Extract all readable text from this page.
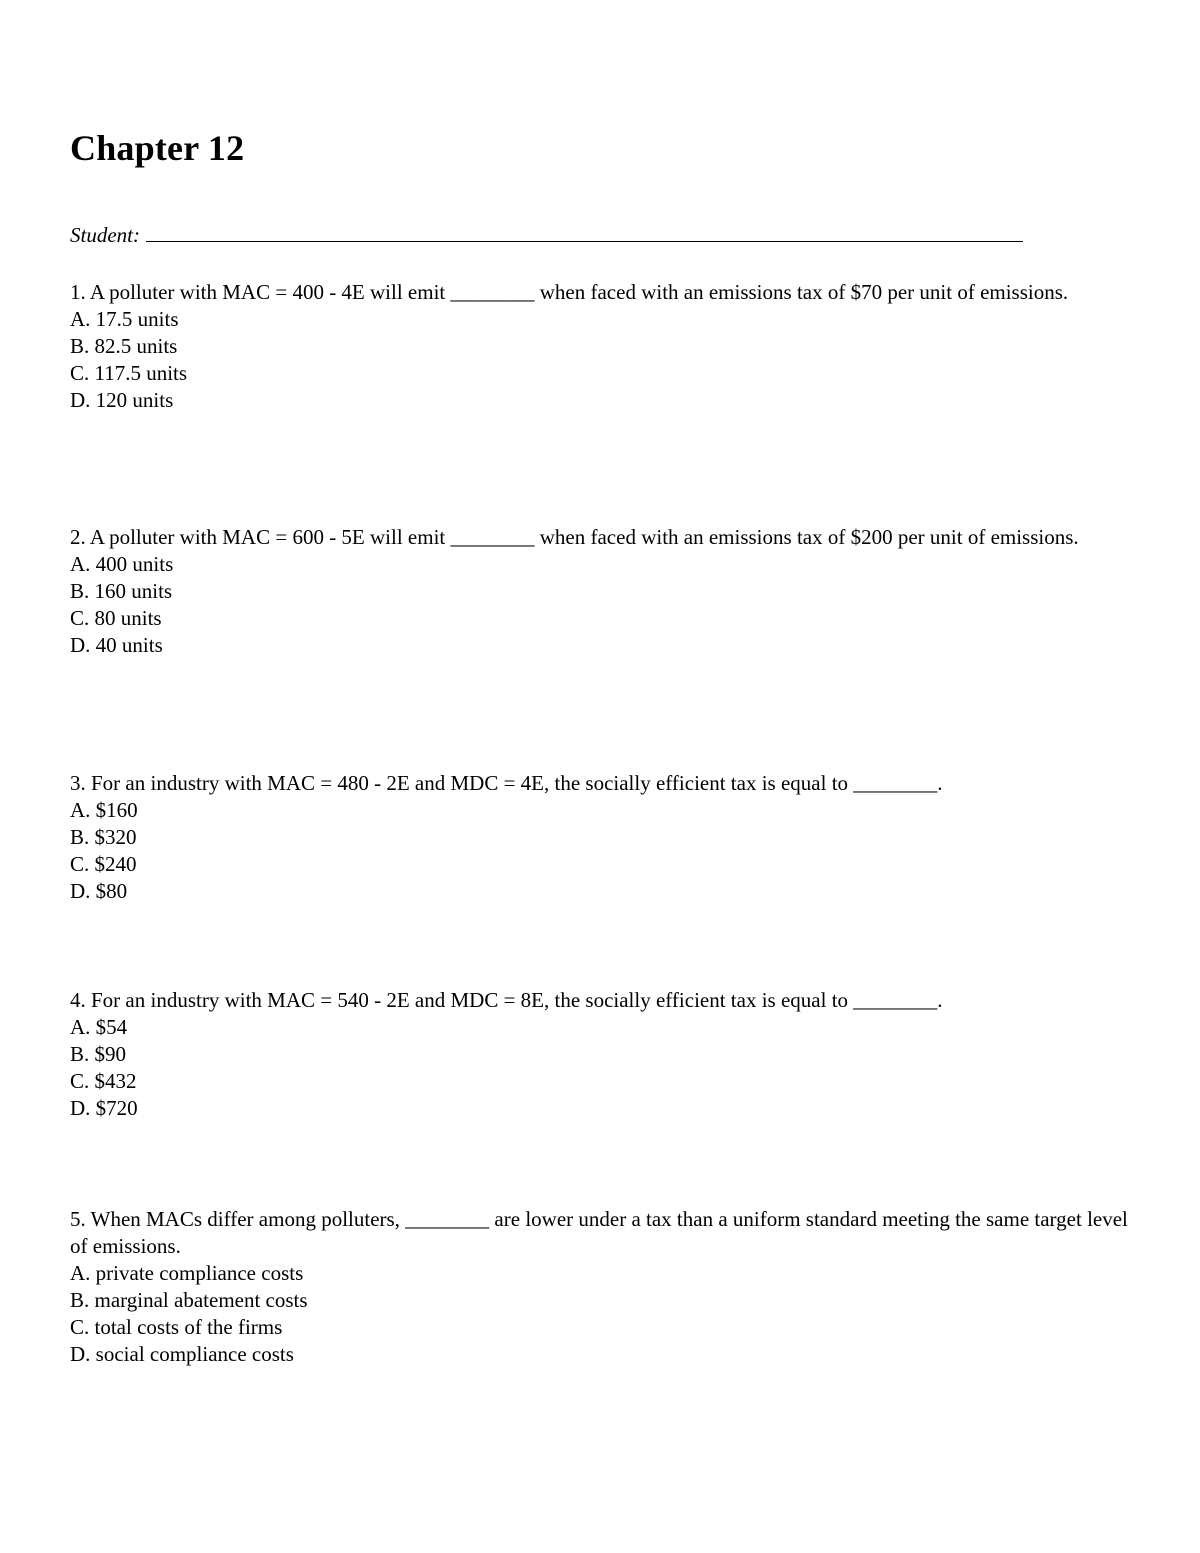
Chapter 12
Student:

1. A polluter with MAC = 400 - 4E will emit ________ when faced with an emissions tax of $70 per unit of emissions.

A. 17.5 units
B. 82.5 units
C. 117.5 units
D. 120 units

2. A polluter with MAC = 600 - 5E will emit ________ when faced with an emissions tax of $200 per unit of emissions.

A. 400 units
B. 160 units
C. 80 units
D. 40 units

3. For an industry with MAC = 480 - 2E and MDC = 4E, the socially efficient tax is equal to ________.

A. $160
B. $320
C. $240
D. $80

4. For an industry with MAC = 540 - 2E and MDC = 8E, the socially efficient tax is equal to ________.

A. $54
B. $90
C. $432
D. $720

5. When MACs differ among polluters, ________ are lower under a tax than a uniform standard meeting the same target level of emissions.

A. private compliance costs
B. marginal abatement costs
C. total costs of the firms
D. social compliance costs
